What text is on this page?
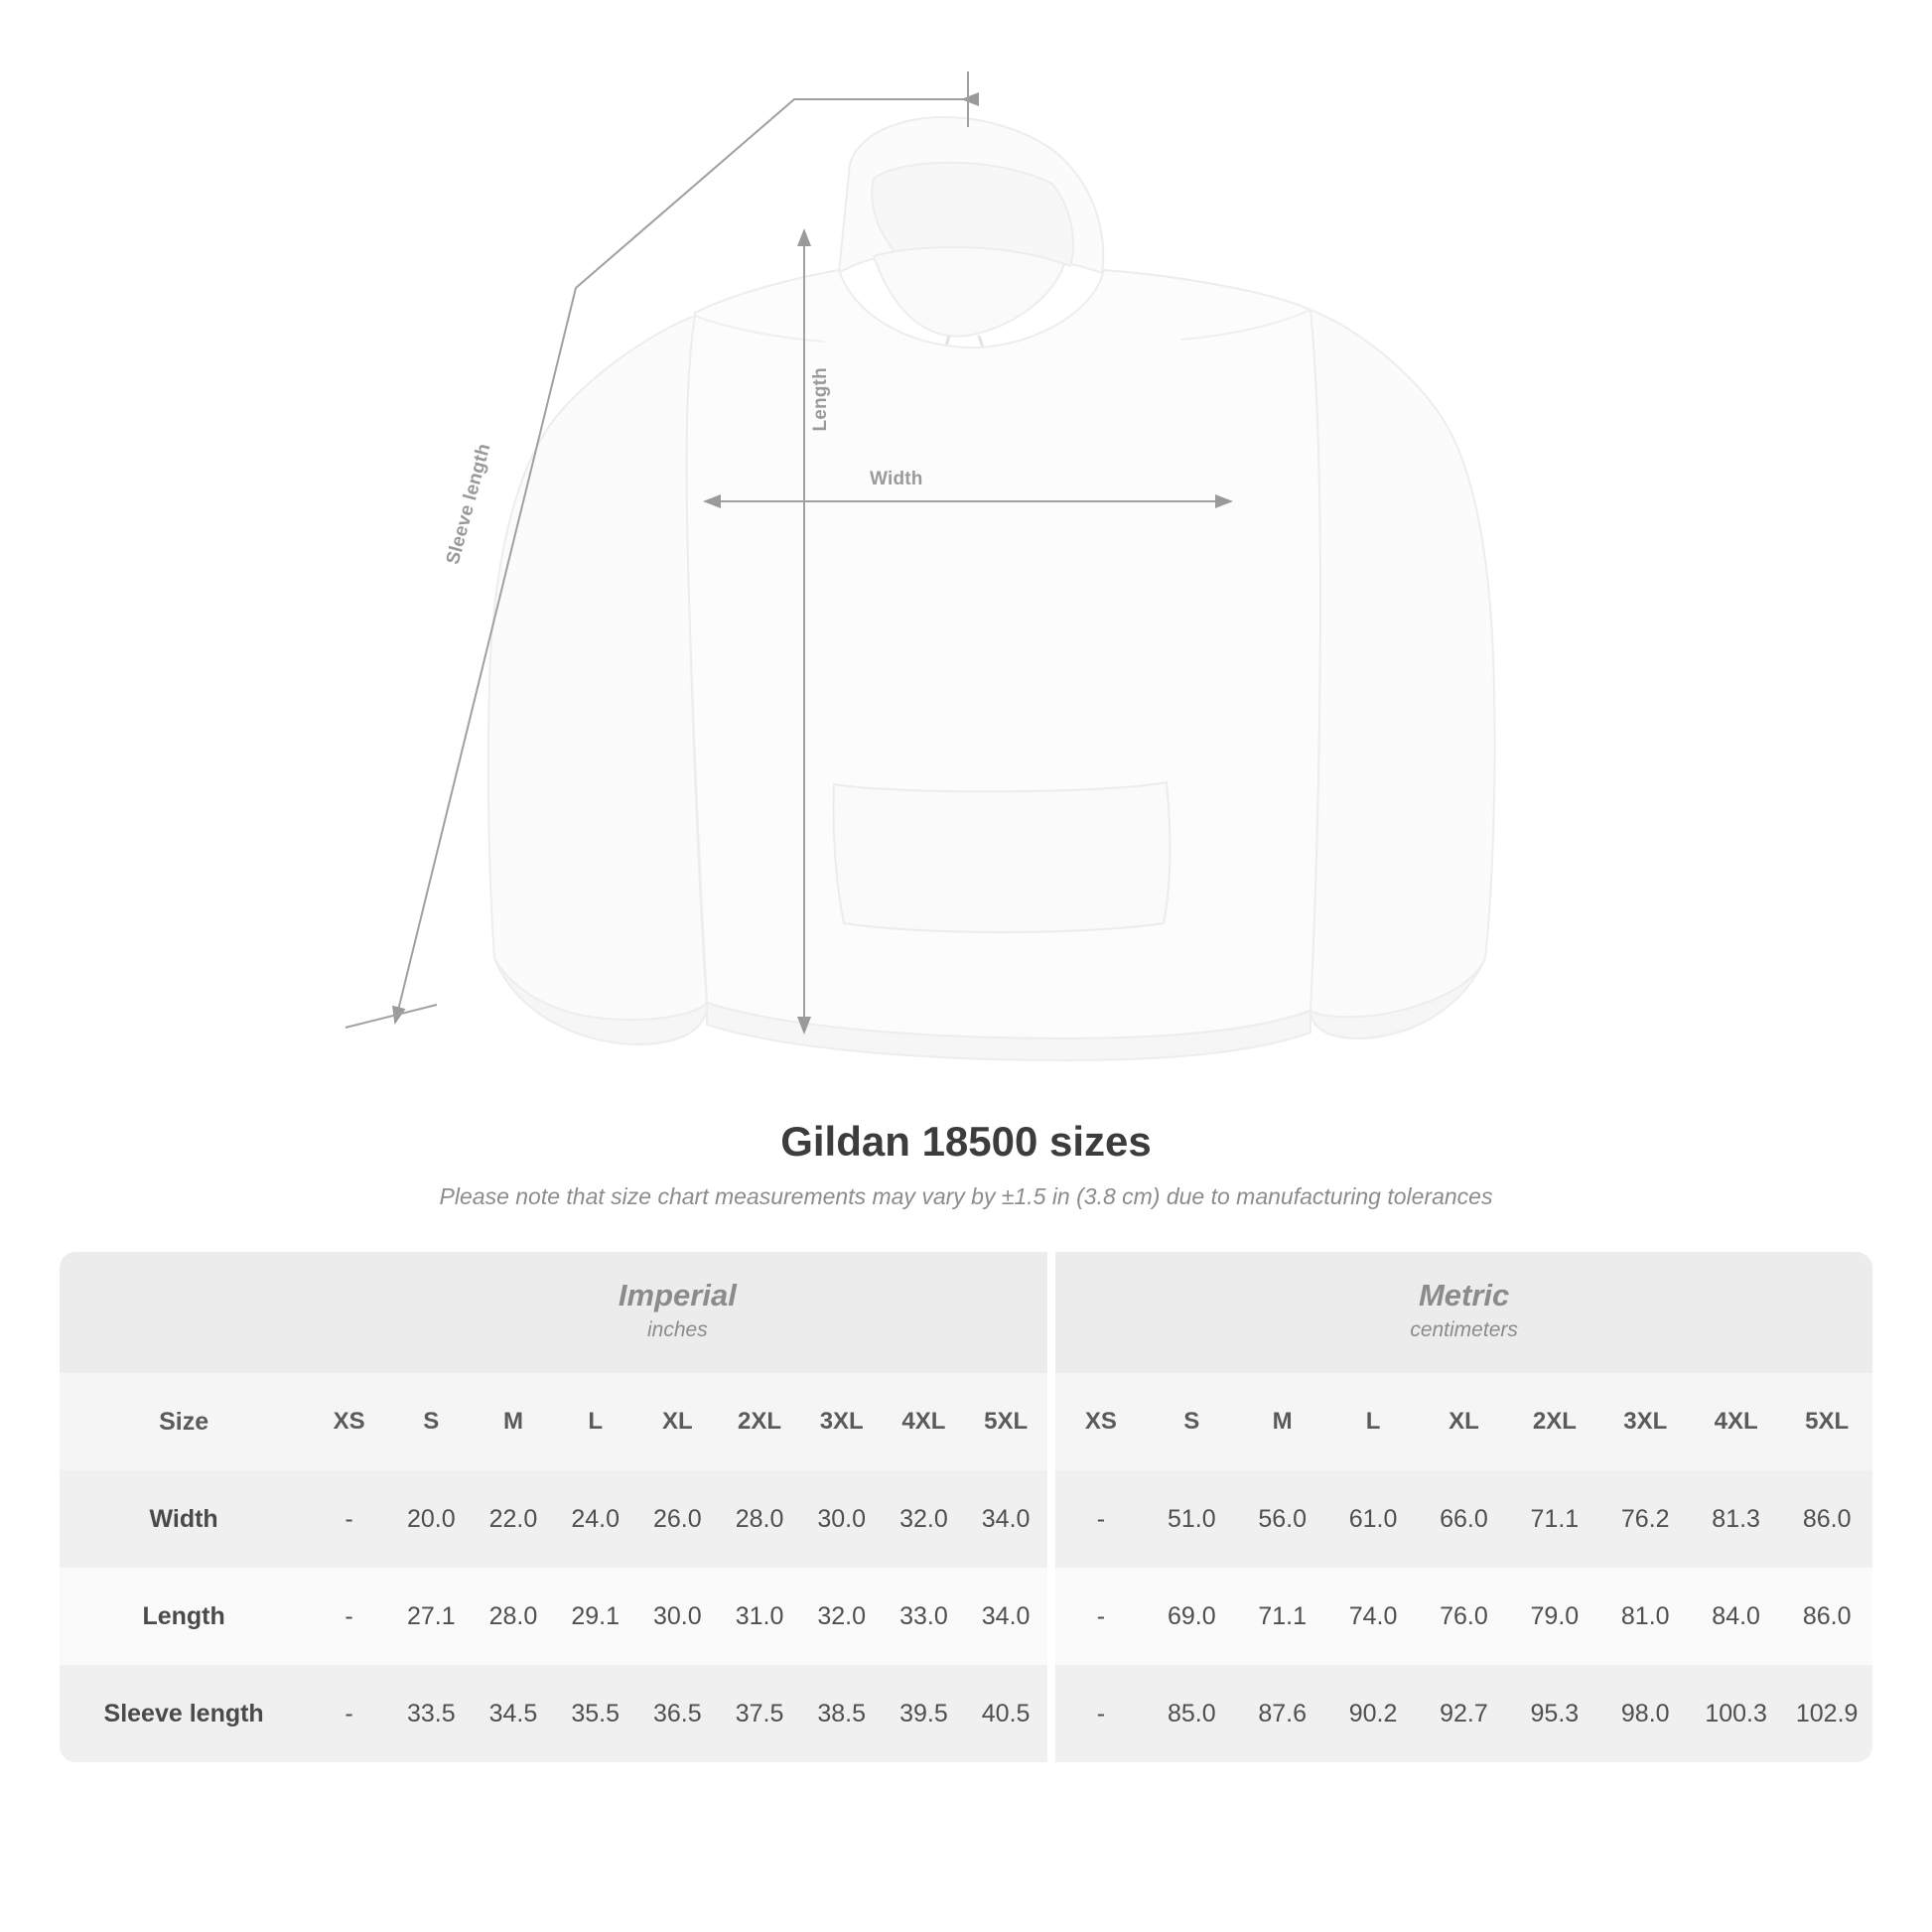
Length
Width
Sleeve length
Gildan 18500 sizes

Please note that size chart measurements may vary by ±1.5 in (3.8 cm) due to manufacturing tolerances

Imperial
inches

Metric
centimeters

Size	XS	S	M	L	XL	2XL	3XL	4XL	5XL		XS	S	M	L	XL	2XL	3XL	4XL	5XL
Width	-	20.0	22.0	24.0	26.0	28.0	30.0	32.0	34.0		-	51.0	56.0	61.0	66.0	71.1	76.2	81.3	86.0
Length	-	27.1	28.0	29.1	30.0	31.0	32.0	33.0	34.0		-	69.0	71.1	74.0	76.0	79.0	81.0	84.0	86.0
Sleeve length	-	33.5	34.5	35.5	36.5	37.5	38.5	39.5	40.5		-	85.0	87.6	90.2	92.7	95.3	98.0	100.3	102.9
